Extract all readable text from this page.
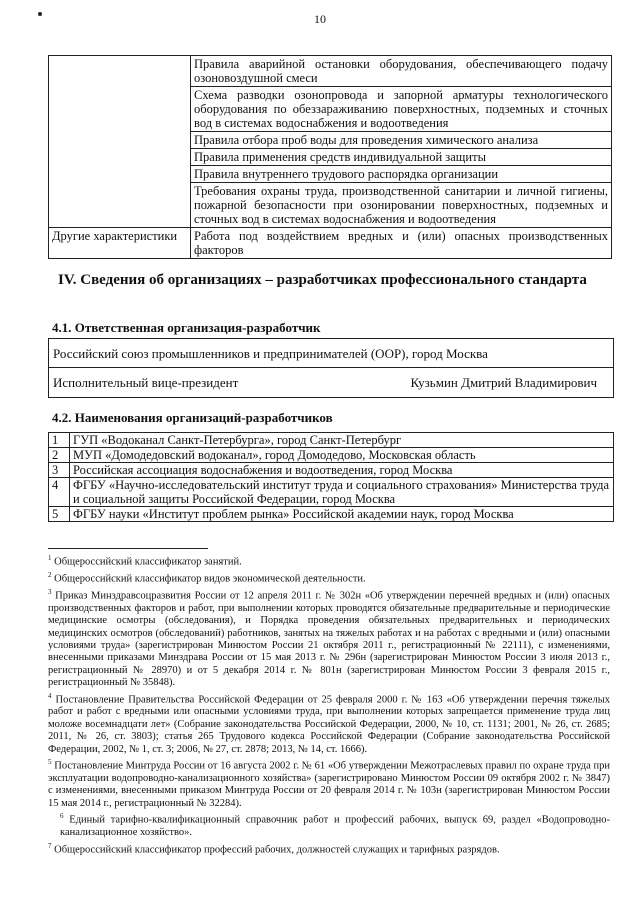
10
	Правила аварийной остановки оборудования, обеспечивающего подачу озоновоздушной смеси
	Схема разводки озонопровода и запорной арматуры технологического оборудования по обеззараживанию поверхностных, подземных и сточных вод в системах водоснабжения и водоотведения
	Правила отбора проб воды для проведения химического анализа
	Правила применения средств индивидуальной защиты
	Правила внутреннего трудового распорядка организации
	Требования охраны труда, производственной санитарии и личной гигиены, пожарной безопасности при озонировании поверхностных, подземных и сточных вод в системах водоснабжения и водоотведения
Другие характеристики	Работа под воздействием вредных и (или) опасных производственных факторов
IV. Сведения об организациях – разработчиках профессионального стандарта
4.1. Ответственная организация-разработчик
Российский союз промышленников и предпринимателей (ООР), город Москва
Исполнительный вице-президент	Кузьмин Дмитрий Владимирович
4.2. Наименования организаций-разработчиков
1	ГУП «Водоканал Санкт-Петербурга», город Санкт-Петербург
2	МУП «Домодедовский водоканал», город Домодедово, Московская область
3	Российская ассоциация водоснабжения и водоотведения, город Москва
4	ФГБУ «Научно-исследовательский институт труда и социального страхования» Министерства труда и социальной защиты Российской Федерации, город Москва
5	ФГБУ науки «Институт проблем рынка» Российской академии наук, город Москва

$^1$ Общероссийский классификатор занятий.

$^2$ Общероссийский классификатор видов экономической деятельности.

$^3$ Приказ Минздравсоцразвития России от 12 апреля 2011 г. № 302н «Об утверждении перечней вредных и (или) опасных производственных факторов и работ, при выполнении которых проводятся обязательные предварительные и периодические медицинские осмотры (обследования), и Порядка проведения обязательных предварительных и периодических медицинских осмотров (обследований) работников, занятых на тяжелых работах и на работах с вредными и (или) опасными условиями труда» (зарегистрирован Минюстом России 21 октября 2011 г., регистрационный № 22111), с изменениями, внесенными приказами Минздрава России от 15 мая 2013 г. № 296н (зарегистрирован Минюстом России 3 июля 2013 г., регистрационный № 28970) и от 5 декабря 2014 г. № 801н (зарегистрирован Минюстом России 3 февраля 2015 г., регистрационный № 35848).

$^4$ Постановление Правительства Российской Федерации от 25 февраля 2000 г. № 163 «Об утверждении перечня тяжелых работ и работ с вредными или опасными условиями труда, при выполнении которых запрещается применение труда лиц моложе восемнадцати лет» (Собрание законодательства Российской Федерации, 2000, № 10, ст. 1131; 2001, № 26, ст. 2685; 2011, № 26, ст. 3803); статья 265 Трудового кодекса Российской Федерации (Собрание законодательства Российской Федерации, 2002, № 1, ст. 3; 2006, № 27, ст. 2878; 2013, № 14, ст. 1666).

$^5$ Постановление Минтруда России от 16 августа 2002 г. № 61 «Об утверждении Межотраслевых правил по охране труда при эксплуатации водопроводно-канализационного хозяйства» (зарегистрировано Минюстом России 09 октября 2002 г. № 3847) с изменениями, внесенными приказом Минтруда России от 20 февраля 2014 г. № 103н (зарегистрирован Минюстом России 15 мая 2014 г., регистрационный № 32284).

$^6$ Единый тарифно-квалификационный справочник работ и профессий рабочих, выпуск 69, раздел «Водопроводно-канализационное хозяйство».

$^7$ Общероссийский классификатор профессий рабочих, должностей служащих и тарифных разрядов.
